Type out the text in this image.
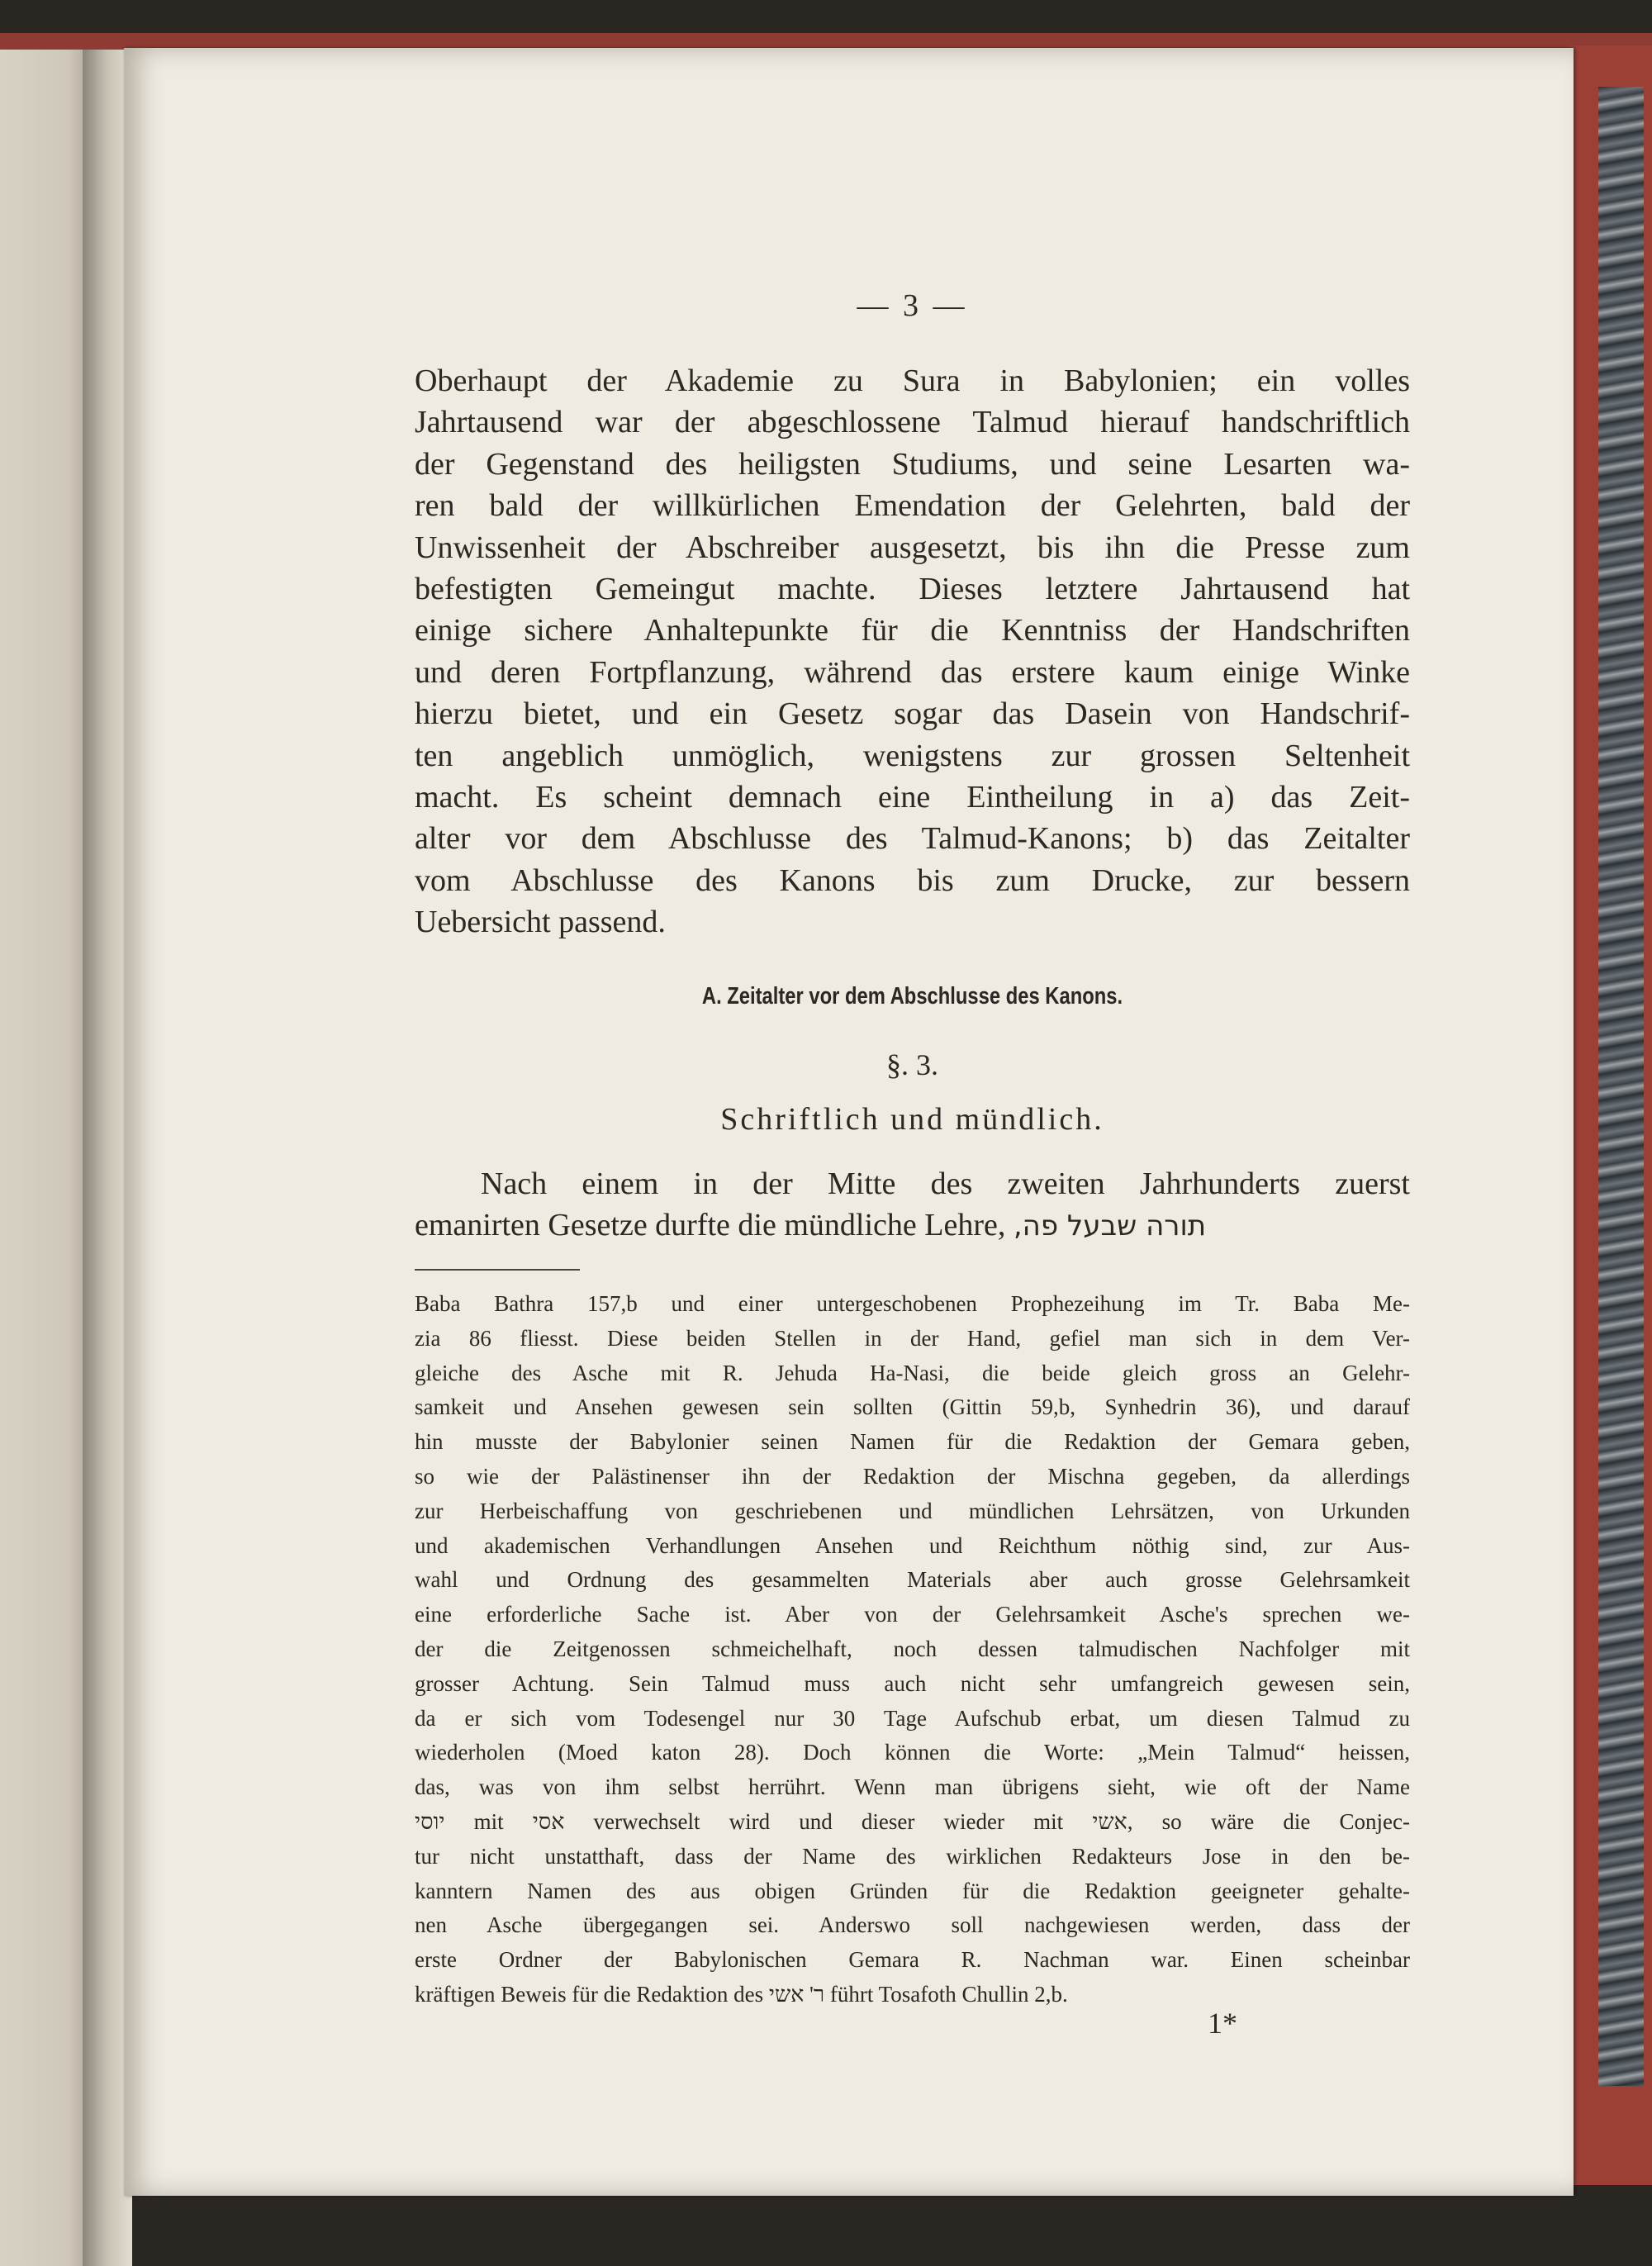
— 3 —
Oberhaupt der Akademie zu Sura in Babylonien; ein volles
Jahrtausend war der abgeschlossene Talmud hierauf handschriftlich
der Gegenstand des heiligsten Studiums, und seine Lesarten wa-
ren bald der willkürlichen Emendation der Gelehrten, bald der
Unwissenheit der Abschreiber ausgesetzt, bis ihn die Presse zum
befestigten Gemeingut machte. Dieses letztere Jahrtausend hat
einige sichere Anhaltepunkte für die Kenntniss der Handschriften
und deren Fortpflanzung, während das erstere kaum einige Winke
hierzu bietet, und ein Gesetz sogar das Dasein von Handschrif-
ten angeblich unmöglich, wenigstens zur grossen Seltenheit
macht. Es scheint demnach eine Eintheilung in a) das Zeit-
alter vor dem Abschlusse des Talmud-Kanons; b) das Zeitalter
vom Abschlusse des Kanons bis zum Drucke, zur bessern
Uebersicht passend.
A. Zeitalter vor dem Abschlusse des Kanons.
§. 3.
Schriftlich und mündlich.
Nach einem in der Mitte des zweiten Jahrhunderts zuerst
emanirten Gesetze durfte die mündliche Lehre, תורה שבעל פה,
Baba Bathra 157,b und einer untergeschobenen Prophezeihung im Tr. Baba Me-
zia 86 fliesst. Diese beiden Stellen in der Hand, gefiel man sich in dem Ver-
gleiche des Asche mit R. Jehuda Ha-Nasi, die beide gleich gross an Gelehr-
samkeit und Ansehen gewesen sein sollten (Gittin 59,b, Synhedrin 36), und darauf
hin musste der Babylonier seinen Namen für die Redaktion der Gemara geben,
so wie der Palästinenser ihn der Redaktion der Mischna gegeben, da allerdings
zur Herbeischaffung von geschriebenen und mündlichen Lehrsätzen, von Urkunden
und akademischen Verhandlungen Ansehen und Reichthum nöthig sind, zur Aus-
wahl und Ordnung des gesammelten Materials aber auch grosse Gelehrsamkeit
eine erforderliche Sache ist. Aber von der Gelehrsamkeit Asche's sprechen we-
der die Zeitgenossen schmeichelhaft, noch dessen talmudischen Nachfolger mit
grosser Achtung. Sein Talmud muss auch nicht sehr umfangreich gewesen sein,
da er sich vom Todesengel nur 30 Tage Aufschub erbat, um diesen Talmud zu
wiederholen (Moed katon 28). Doch können die Worte: „Mein Talmud“ heissen,
das, was von ihm selbst herrührt. Wenn man übrigens sieht, wie oft der Name
יוסי mit אסי verwechselt wird und dieser wieder mit אשי, so wäre die Conjec-
tur nicht unstatthaft, dass der Name des wirklichen Redakteurs Jose in den be-
kanntern Namen des aus obigen Gründen für die Redaktion geeigneter gehalte-
nen Asche übergegangen sei. Anderswo soll nachgewiesen werden, dass der
erste Ordner der Babylonischen Gemara R. Nachman war. Einen scheinbar
kräftigen Beweis für die Redaktion des ר' אשי führt Tosafoth Chullin 2,b.
1*
